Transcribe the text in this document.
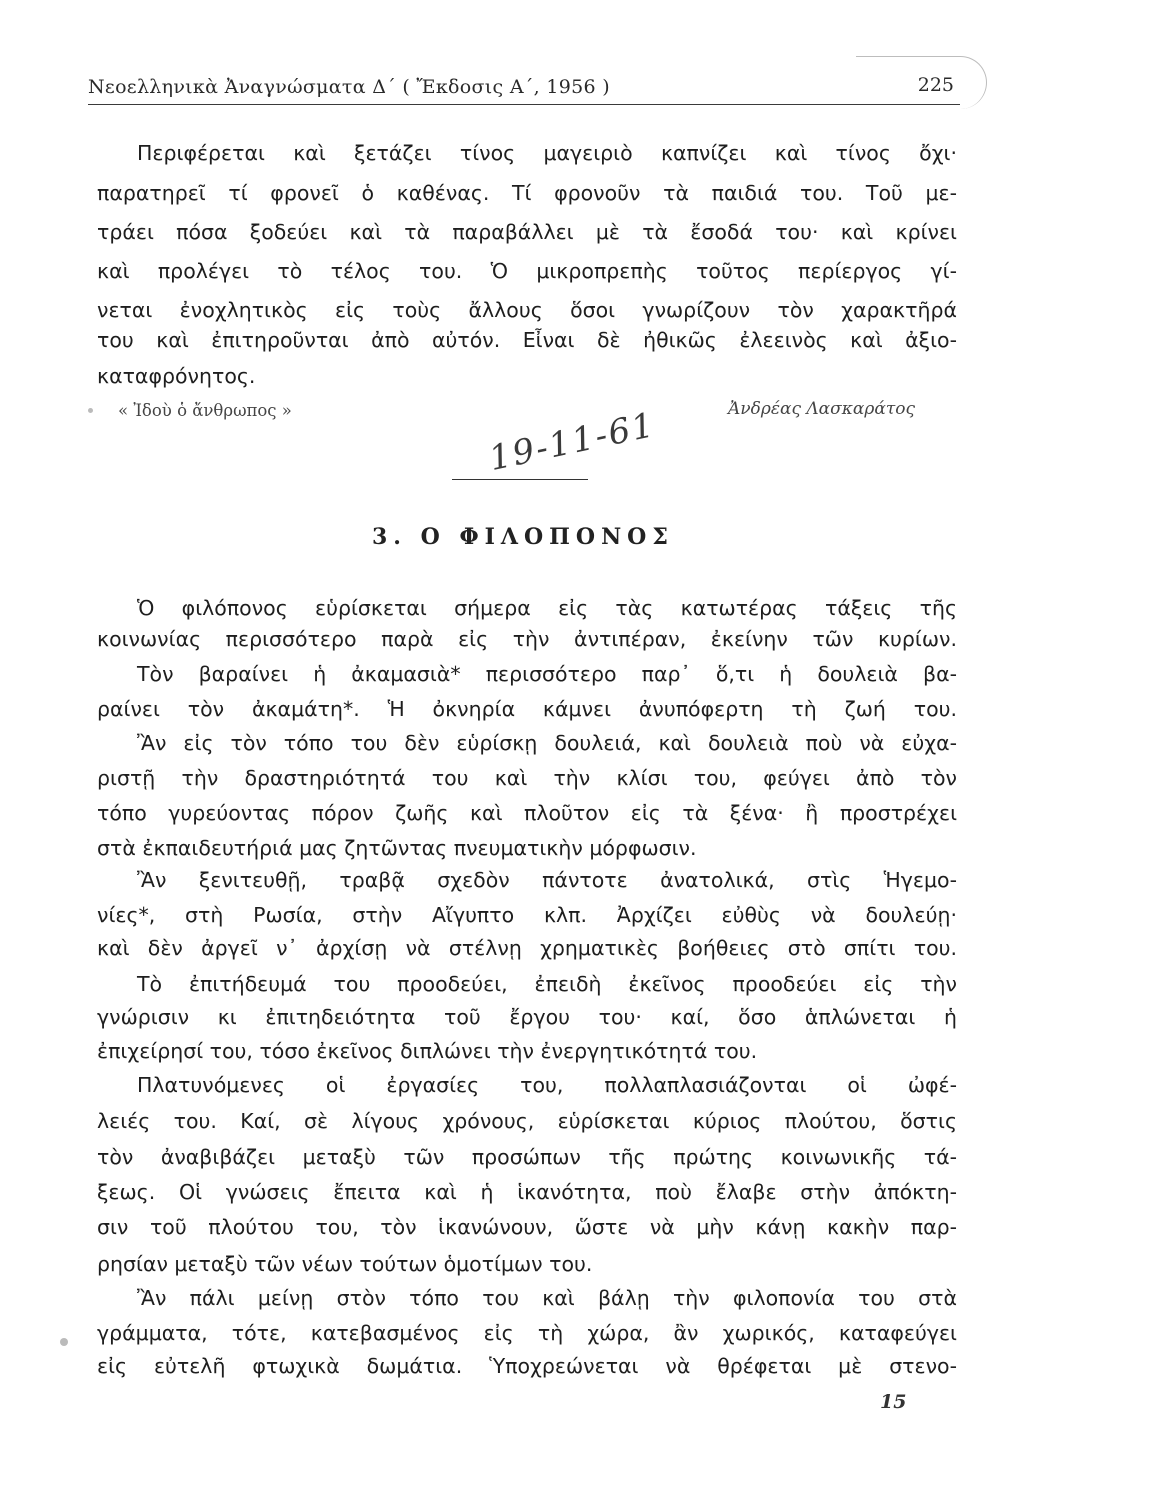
Νεοελληνικὰ Ἀναγνώσματα Δ΄ ( Ἔκδοσις Α΄, 1956 )	225
Περιφέρεται καὶ ξετάζει τίνος μαγειριὸ καπνίζει καὶ τίνος ὄχι·
παρατηρεῖ τί φρονεῖ ὁ καθένας. Τί φρονοῦν τὰ παιδιά του. Τοῦ με-
τράει πόσα ξοδεύει καὶ τὰ παραβάλλει μὲ τὰ ἔσοδά του· καὶ κρίνει
καὶ προλέγει τὸ τέλος του. Ὁ μικροπρεπὴς τοῦτος περίεργος γί-
νεται ἐνοχλητικὸς εἰς τοὺς ἄλλους ὅσοι γνωρίζουν τὸν χαρακτῆρά
του καὶ ἐπιτηροῦνται ἀπὸ αὐτόν. Εἶναι δὲ ἠθικῶς ἐλεεινὸς καὶ ἀξιο-
καταφρόνητος.
« Ἰδοὺ ὁ ἄνθρωπος »	Ἀνδρέας Λασκαράτος
19-11-61
3. Ο ΦΙΛΟΠΟΝΟΣ
Ὁ φιλόπονος εὑρίσκεται σήμερα εἰς τὰς κατωτέρας τάξεις τῆς
κοινωνίας περισσότερο παρὰ εἰς τὴν ἀντιπέραν, ἐκείνην τῶν κυρίων.
Τὸν βαραίνει ἡ ἀκαμασιὰ* περισσότερο παρ᾽ ὅ,τι ἡ δουλειὰ βα-
ραίνει τὸν ἀκαμάτη*. Ἡ ὀκνηρία κάμνει ἀνυπόφερτη τὴ ζωή του.
Ἂν εἰς τὸν τόπο του δὲν εὑρίσκῃ δουλειά, καὶ δουλειὰ ποὺ νὰ εὐχα-
ριστῇ τὴν δραστηριότητά του καὶ τὴν κλίσι του, φεύγει ἀπὸ τὸν
τόπο γυρεύοντας πόρον ζωῆς καὶ πλοῦτον εἰς τὰ ξένα· ἢ προστρέχει
στὰ ἐκπαιδευτήριά μας ζητῶντας πνευματικὴν μόρφωσιν.
Ἂν ξενιτευθῇ, τραβᾷ σχεδὸν πάντοτε ἀνατολικά, στὶς Ἡγεμο-
νίες*, στὴ Ρωσία, στὴν Αἴγυπτο κλπ. Ἀρχίζει εὐθὺς νὰ δουλεύῃ·
καὶ δὲν ἀργεῖ ν᾽ ἀρχίσῃ νὰ στέλνῃ χρηματικὲς βοήθειες στὸ σπίτι του.
Τὸ ἐπιτήδευμά του προοδεύει, ἐπειδὴ ἐκεῖνος προοδεύει εἰς τὴν
γνώρισιν κι ἐπιτηδειότητα τοῦ ἔργου του· καί, ὅσο ἁπλώνεται ἡ
ἐπιχείρησί του, τόσο ἐκεῖνος διπλώνει τὴν ἐνεργητικότητά του.
Πλατυνόμενες οἱ ἐργασίες του, πολλαπλασιάζονται οἱ ὠφέ-
λειές του. Καί, σὲ λίγους χρόνους, εὑρίσκεται κύριος πλούτου, ὅστις
τὸν ἀναβιβάζει μεταξὺ τῶν προσώπων τῆς πρώτης κοινωνικῆς τά-
ξεως. Οἱ γνώσεις ἔπειτα καὶ ἡ ἱκανότητα, ποὺ ἔλαβε στὴν ἀπόκτη-
σιν τοῦ πλούτου του, τὸν ἱκανώνουν, ὥστε νὰ μὴν κάνῃ κακὴν παρ-
ρησίαν μεταξὺ τῶν νέων τούτων ὁμοτίμων του.
Ἂν πάλι μείνῃ στὸν τόπο του καὶ βάλῃ τὴν φιλοπονία του στὰ
γράμματα, τότε, κατεβασμένος εἰς τὴ χώρα, ἂν χωρικός, καταφεύγει
εἰς εὐτελῆ φτωχικὰ δωμάτια. Ὑποχρεώνεται νὰ θρέφεται μὲ στενο-
15
